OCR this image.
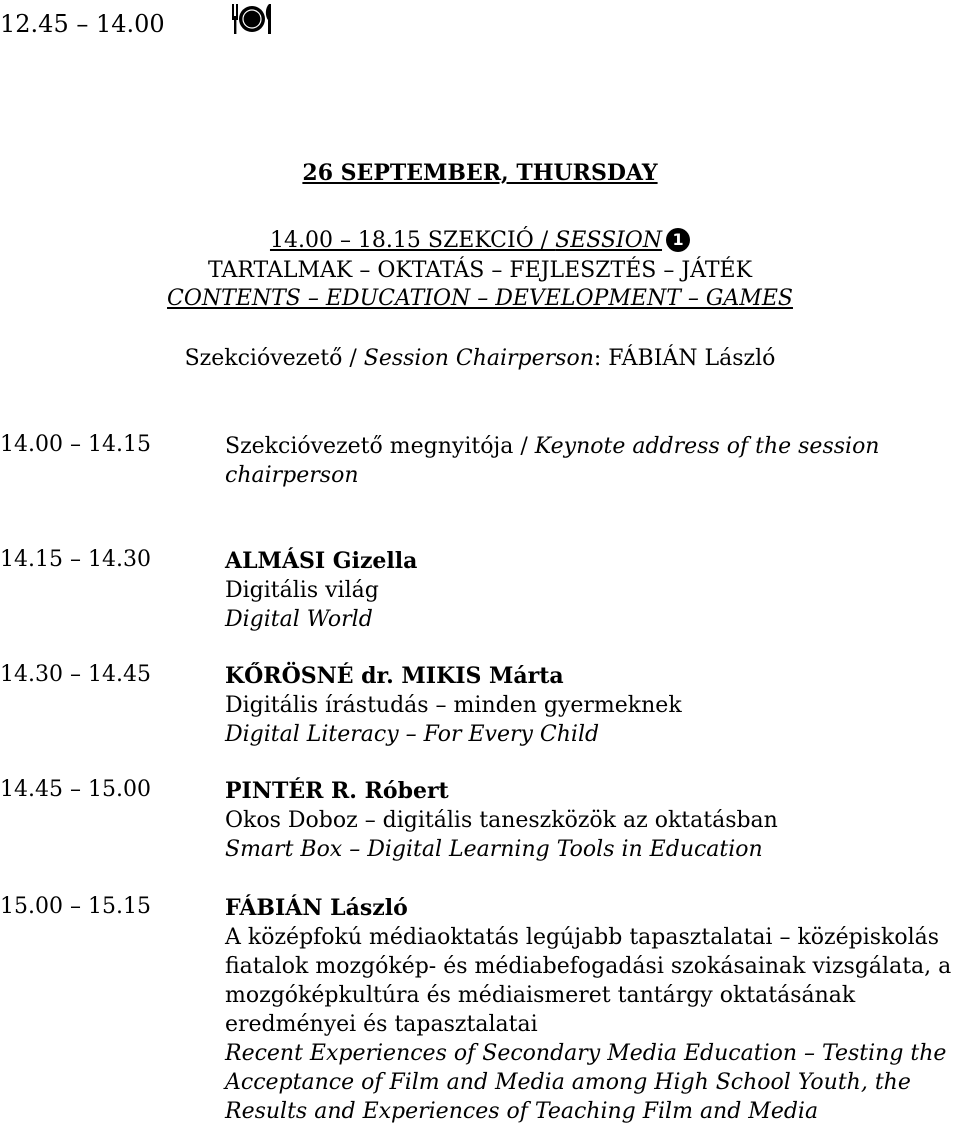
12.45 – 14.00
26 SEPTEMBER, THURSDAY
14.00 – 18.15 SZEKCIÓ / SESSION 1
TARTALMAK – OKTATÁS – FEJLESZTÉS – JÁTÉK
CONTENTS – EDUCATION – DEVELOPMENT – GAMES
Szekcióvezető / Session Chairperson: FÁBIÁN László
14.00 – 14.15	Szekcióvezető megnyitója / Keynote address of the session
chairperson
14.15 – 14.30	ALMÁSI Gizella
Digitális világ
Digital World
14.30 – 14.45	KŐRÖSNÉ dr. MIKIS Márta
Digitális írástudás – minden gyermeknek
Digital Literacy – For Every Child
14.45 – 15.00	PINTÉR R. Róbert
Okos Doboz – digitális taneszközök az oktatásban
Smart Box – Digital Learning Tools in Education
15.00 – 15.15	FÁBIÁN László
A középfokú médiaoktatás legújabb tapasztalatai – középiskolás
fiatalok mozgókép- és médiabefogadási szokásainak vizsgálata, a
mozgóképkultúra és médiaismeret tantárgy oktatásának
eredményei és tapasztalatai
Recent Experiences of Secondary Media Education – Testing the
Acceptance of Film and Media among High School Youth, the
Results and Experiences of Teaching Film and Media
